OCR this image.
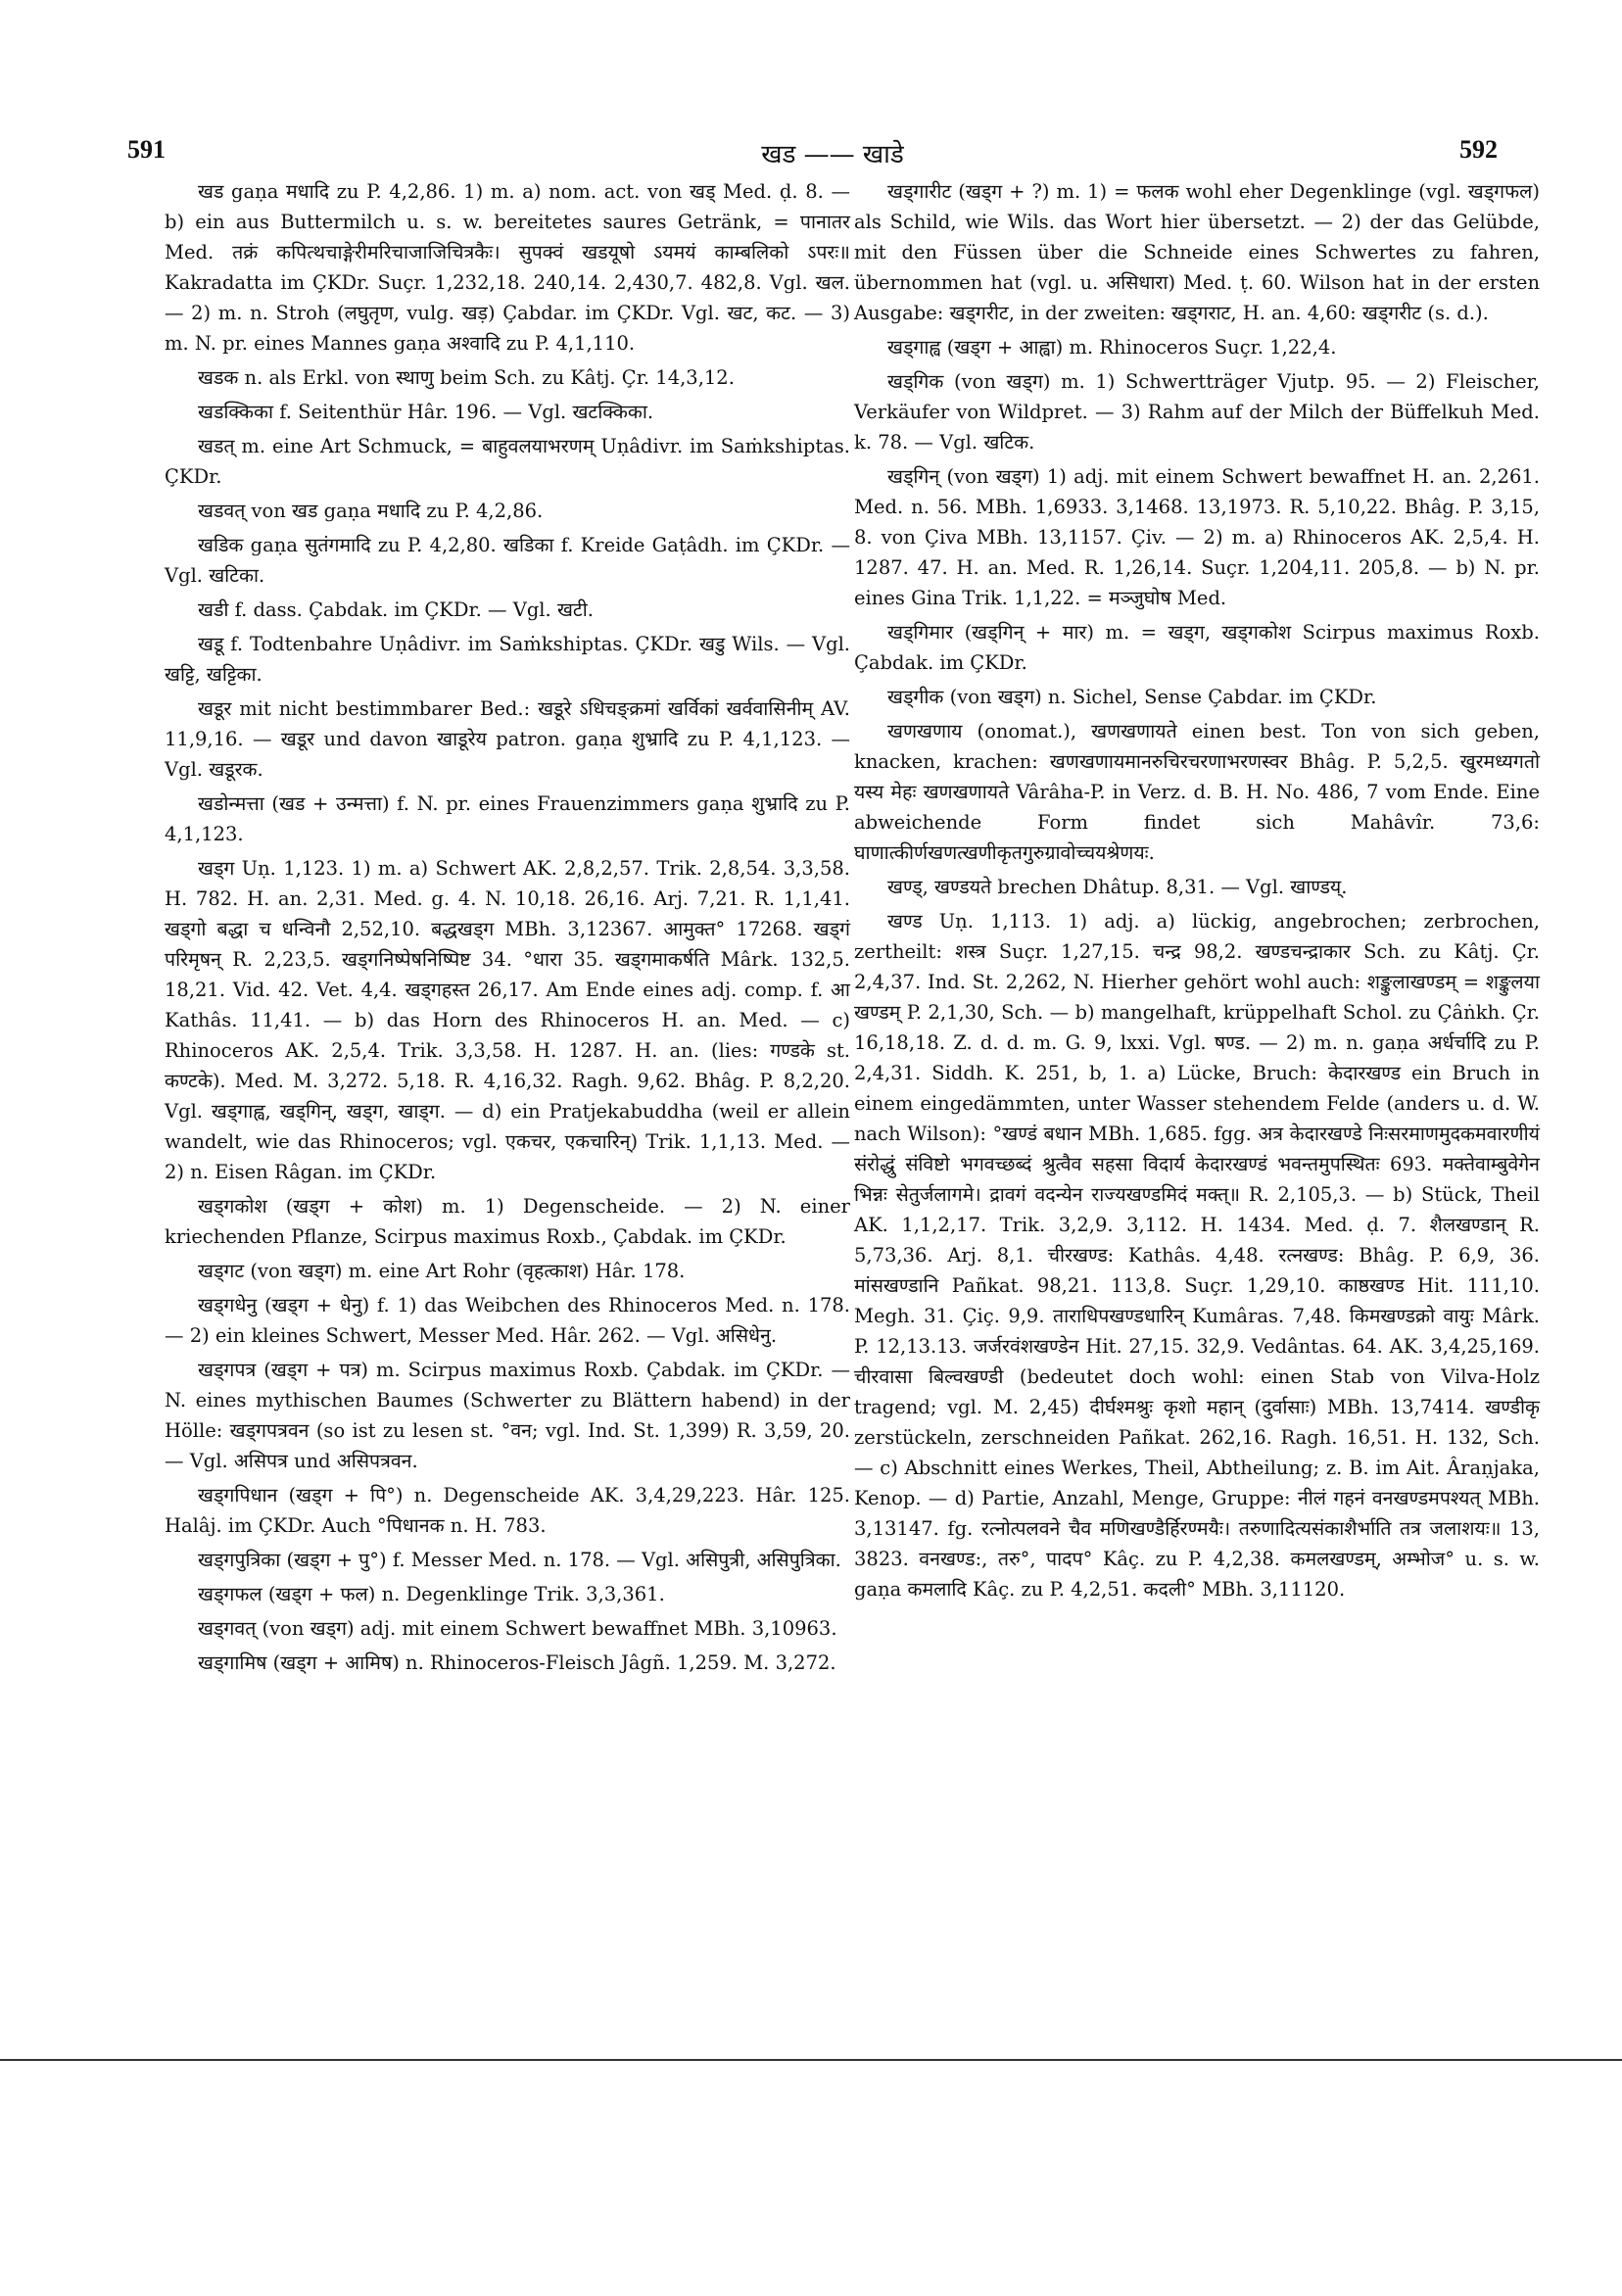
591	खड —— खाडे	592

खड gaṇa मधादि zu P. 4,2,86. 1) m. a) nom. act. von खड् Med. ḍ. 8. — b) ein aus Buttermilch u. s. w. bereitetes saures Getränk, = पानातर Med. तक्रं कपित्थचाङ्गेरीमरिचाजाजिचित्रकैः। सुपक्वं खडयूषो ऽयमयं काम्बलिको ऽपरः॥ Kakradatta im ÇKDr. Suçr. 1,232,18. 240,14. 2,430,7. 482,8. Vgl. खल. — 2) m. n. Stroh (लघुतृण, vulg. खड़) Çabdar. im ÇKDr. Vgl. खट, कट. — 3) m. N. pr. eines Mannes gaṇa अश्वादि zu P. 4,1,110.

खडक n. als Erkl. von स्थाणु beim Sch. zu Kâtj. Çr. 14,3,12.

खडक्किका f. Seitenthür Hâr. 196. — Vgl. खटक्किका.

खडत् m. eine Art Schmuck, = बाहुवलयाभरणम् Uṇâdivr. im Saṁkshiptas. ÇKDr.

खडवत् von खड gaṇa मधादि zu P. 4,2,86.

खडिक gaṇa सुतंगमादि zu P. 4,2,80. खडिका f. Kreide Gaṭâdh. im ÇKDr. — Vgl. खटिका.

खडी f. dass. Çabdak. im ÇKDr. — Vgl. खटी.

खडू f. Todtenbahre Uṇâdivr. im Saṁkshiptas. ÇKDr. खडु Wils. — Vgl. खट्टि, खट्टिका.

खडूर mit nicht bestimmbarer Bed.: खडूरे ऽधिचङ्क्रमां खर्विकां खर्ववासिनीम् AV. 11,9,16. — खडूर und davon खाडूरेय patron. gaṇa शुभ्रादि zu P. 4,1,123. — Vgl. खडूरक.

खडोन्मत्ता (खड + उन्मत्ता) f. N. pr. eines Frauenzimmers gaṇa शुभ्रादि zu P. 4,1,123.

खड्ग Uṇ. 1,123. 1) m. a) Schwert AK. 2,8,2,57. Trik. 2,8,54. 3,3,58. H. 782. H. an. 2,31. Med. g. 4. N. 10,18. 26,16. Arj. 7,21. R. 1,1,41. खड्गो बद्धा च धन्विनौ 2,52,10. बद्धखड्ग MBh. 3,12367. आमुक्त° 17268. खड्गं परिमृषन् R. 2,23,5. खड्गनिष्पेषनिष्पिष्ट 34. °धारा 35. खड्गमाकर्षति Mârk. 132,5. 18,21. Vid. 42. Vet. 4,4. खड्गहस्त 26,17. Am Ende eines adj. comp. f. आ Kathâs. 11,41. — b) das Horn des Rhinoceros H. an. Med. — c) Rhinoceros AK. 2,5,4. Trik. 3,3,58. H. 1287. H. an. (lies: गण्डके st. कण्टके). Med. M. 3,272. 5,18. R. 4,16,32. Ragh. 9,62. Bhâg. P. 8,2,20. Vgl. खड्गाह्व, खड्गिन्, खड्ग, खाड्ग. — d) ein Pratjekabuddha (weil er allein wandelt, wie das Rhinoceros; vgl. एकचर, एकचारिन्) Trik. 1,1,13. Med. — 2) n. Eisen Râgan. im ÇKDr.

खड्गकोश (खड्ग + कोश) m. 1) Degenscheide. — 2) N. einer kriechenden Pflanze, Scirpus maximus Roxb., Çabdak. im ÇKDr.

खड्गट (von खड्ग) m. eine Art Rohr (वृहत्काश) Hâr. 178.

खड्गधेनु (खड्ग + धेनु) f. 1) das Weibchen des Rhinoceros Med. n. 178. — 2) ein kleines Schwert, Messer Med. Hâr. 262. — Vgl. असिधेनु.

खड्गपत्र (खड्ग + पत्र) m. Scirpus maximus Roxb. Çabdak. im ÇKDr. — N. eines mythischen Baumes (Schwerter zu Blättern habend) in der Hölle: खड्गपत्रवन (so ist zu lesen st. °वन; vgl. Ind. St. 1,399) R. 3,59, 20. — Vgl. असिपत्र und असिपत्रवन.

खड्गपिधान (खड्ग + पि°) n. Degenscheide AK. 3,4,29,223. Hâr. 125. Halâj. im ÇKDr. Auch °पिधानक n. H. 783.

खड्गपुत्रिका (खड्ग + पु°) f. Messer Med. n. 178. — Vgl. असिपुत्री, असिपुत्रिका.

खड्गफल (खड्ग + फल) n. Degenklinge Trik. 3,3,361.

खड्गवत् (von खड्ग) adj. mit einem Schwert bewaffnet MBh. 3,10963.

खड्गामिष (खड्ग + आमिष) n. Rhinoceros-Fleisch Jâgñ. 1,259. M. 3,272.

खड्गारीट (खड्ग + ?) m. 1) = फलक wohl eher Degenklinge (vgl. खड्गफल) als Schild, wie Wils. das Wort hier übersetzt. — 2) der das Gelübde, mit den Füssen über die Schneide eines Schwertes zu fahren, übernommen hat (vgl. u. असिधारा) Med. ṭ. 60. Wilson hat in der ersten Ausgabe: खड्गरीट, in der zweiten: खड्गराट, H. an. 4,60: खड्गरीट (s. d.).

खड्गाह्व (खड्ग + आह्वा) m. Rhinoceros Suçr. 1,22,4.

खड्गिक (von खड्ग) m. 1) Schwertträger Vjutp. 95. — 2) Fleischer, Verkäufer von Wildpret. — 3) Rahm auf der Milch der Büffelkuh Med. k. 78. — Vgl. खटिक.

खड्गिन् (von खड्ग) 1) adj. mit einem Schwert bewaffnet H. an. 2,261. Med. n. 56. MBh. 1,6933. 3,1468. 13,1973. R. 5,10,22. Bhâg. P. 3,15, 8. von Çiva MBh. 13,1157. Çiv. — 2) m. a) Rhinoceros AK. 2,5,4. H. 1287. 47. H. an. Med. R. 1,26,14. Suçr. 1,204,11. 205,8. — b) N. pr. eines Gina Trik. 1,1,22. = मञ्जुघोष Med.

खड्गिमार (खड्गिन् + मार) m. = खड्ग, खड्गकोश Scirpus maximus Roxb. Çabdak. im ÇKDr.

खड्गीक (von खड्ग) n. Sichel, Sense Çabdar. im ÇKDr.

खणखणाय (onomat.), खणखणायते einen best. Ton von sich geben, knacken, krachen: खणखणायमानरुचिरचरणाभरणस्वर Bhâg. P. 5,2,5. खुरमध्यगतो यस्य मेहः खणखणायते Vârâha-P. in Verz. d. B. H. No. 486, 7 vom Ende. Eine abweichende Form findet sich Mahâvîr. 73,6: घाणात्कीर्णखणत्खणीकृतगुरुग्रावोच्चयश्रेणयः.

खण्ड्, खण्डयते brechen Dhâtup. 8,31. — Vgl. खाण्डय्.

खण्ड Uṇ. 1,113. 1) adj. a) lückig, angebrochen; zerbrochen, zertheilt: शस्त्र Suçr. 1,27,15. चन्द्र 98,2. खण्डचन्द्राकार Sch. zu Kâtj. Çr. 2,4,37. Ind. St. 2,262, N. Hierher gehört wohl auch: शङ्कुलाखण्डम् = शङ्कुलया खण्डम् P. 2,1,30, Sch. — b) mangelhaft, krüppelhaft Schol. zu Çâṅkh. Çr. 16,18,18. Z. d. d. m. G. 9, lxxi. Vgl. षण्ड. — 2) m. n. gaṇa अर्धर्चादि zu P. 2,4,31. Siddh. K. 251, b, 1. a) Lücke, Bruch: केदारखण्ड ein Bruch in einem eingedämmten, unter Wasser stehendem Felde (anders u. d. W. nach Wilson): °खण्डं बधान MBh. 1,685. fgg. अत्र केदारखण्डे निःसरमाणमुदकमवारणीयं संरोद्धुं संविष्टो भगवच्छब्दं श्रुत्वैव सहसा विदार्य केदारखण्डं भवन्तमुपस्थितः 693. मक्तेवाम्बुवेगेन भिन्नः सेतुर्जलागमे। द्रावगं वदन्येन राज्यखण्डमिदं मक्त्॥ R. 2,105,3. — b) Stück, Theil AK. 1,1,2,17. Trik. 3,2,9. 3,112. H. 1434. Med. ḍ. 7. शैलखण्डान् R. 5,73,36. Arj. 8,1. चीरखण्ड: Kathâs. 4,48. रत्नखण्ड: Bhâg. P. 6,9, 36. मांसखण्डानि Pañkat. 98,21. 113,8. Suçr. 1,29,10. काष्ठखण्ड Hit. 111,10. Megh. 31. Çiç. 9,9. ताराधिपखण्डधारिन् Kumâras. 7,48. किमखण्डक्रो वायुः Mârk. P. 12,13.13. जर्जरवंशखण्डेन Hit. 27,15. 32,9. Vedântas. 64. AK. 3,4,25,169. चीरवासा बिल्वखण्डी (bedeutet doch wohl: einen Stab von Vilva-Holz tragend; vgl. M. 2,45) दीर्घश्मश्रुः कृशो महान् (दुर्वासाः) MBh. 13,7414. खण्डीकृ zerstückeln, zerschneiden Pañkat. 262,16. Ragh. 16,51. H. 132, Sch. — c) Abschnitt eines Werkes, Theil, Abtheilung; z. B. im Ait. Âraṇjaka, Kenop. — d) Partie, Anzahl, Menge, Gruppe: नीलं गहनं वनखण्डमपश्यत् MBh. 3,13147. fg. रत्नोत्पलवने चैव मणिखण्डैर्हिरण्मयैः। तरुणादित्यसंकाशैर्भाति तत्र जलाशयः॥ 13, 3823. वनखण्ड:, तरु°, पादप° Kâç. zu P. 4,2,38. कमलखण्डम्, अम्भोज° u. s. w. gaṇa कमलादि Kâç. zu P. 4,2,51. कदली° MBh. 3,11120.
